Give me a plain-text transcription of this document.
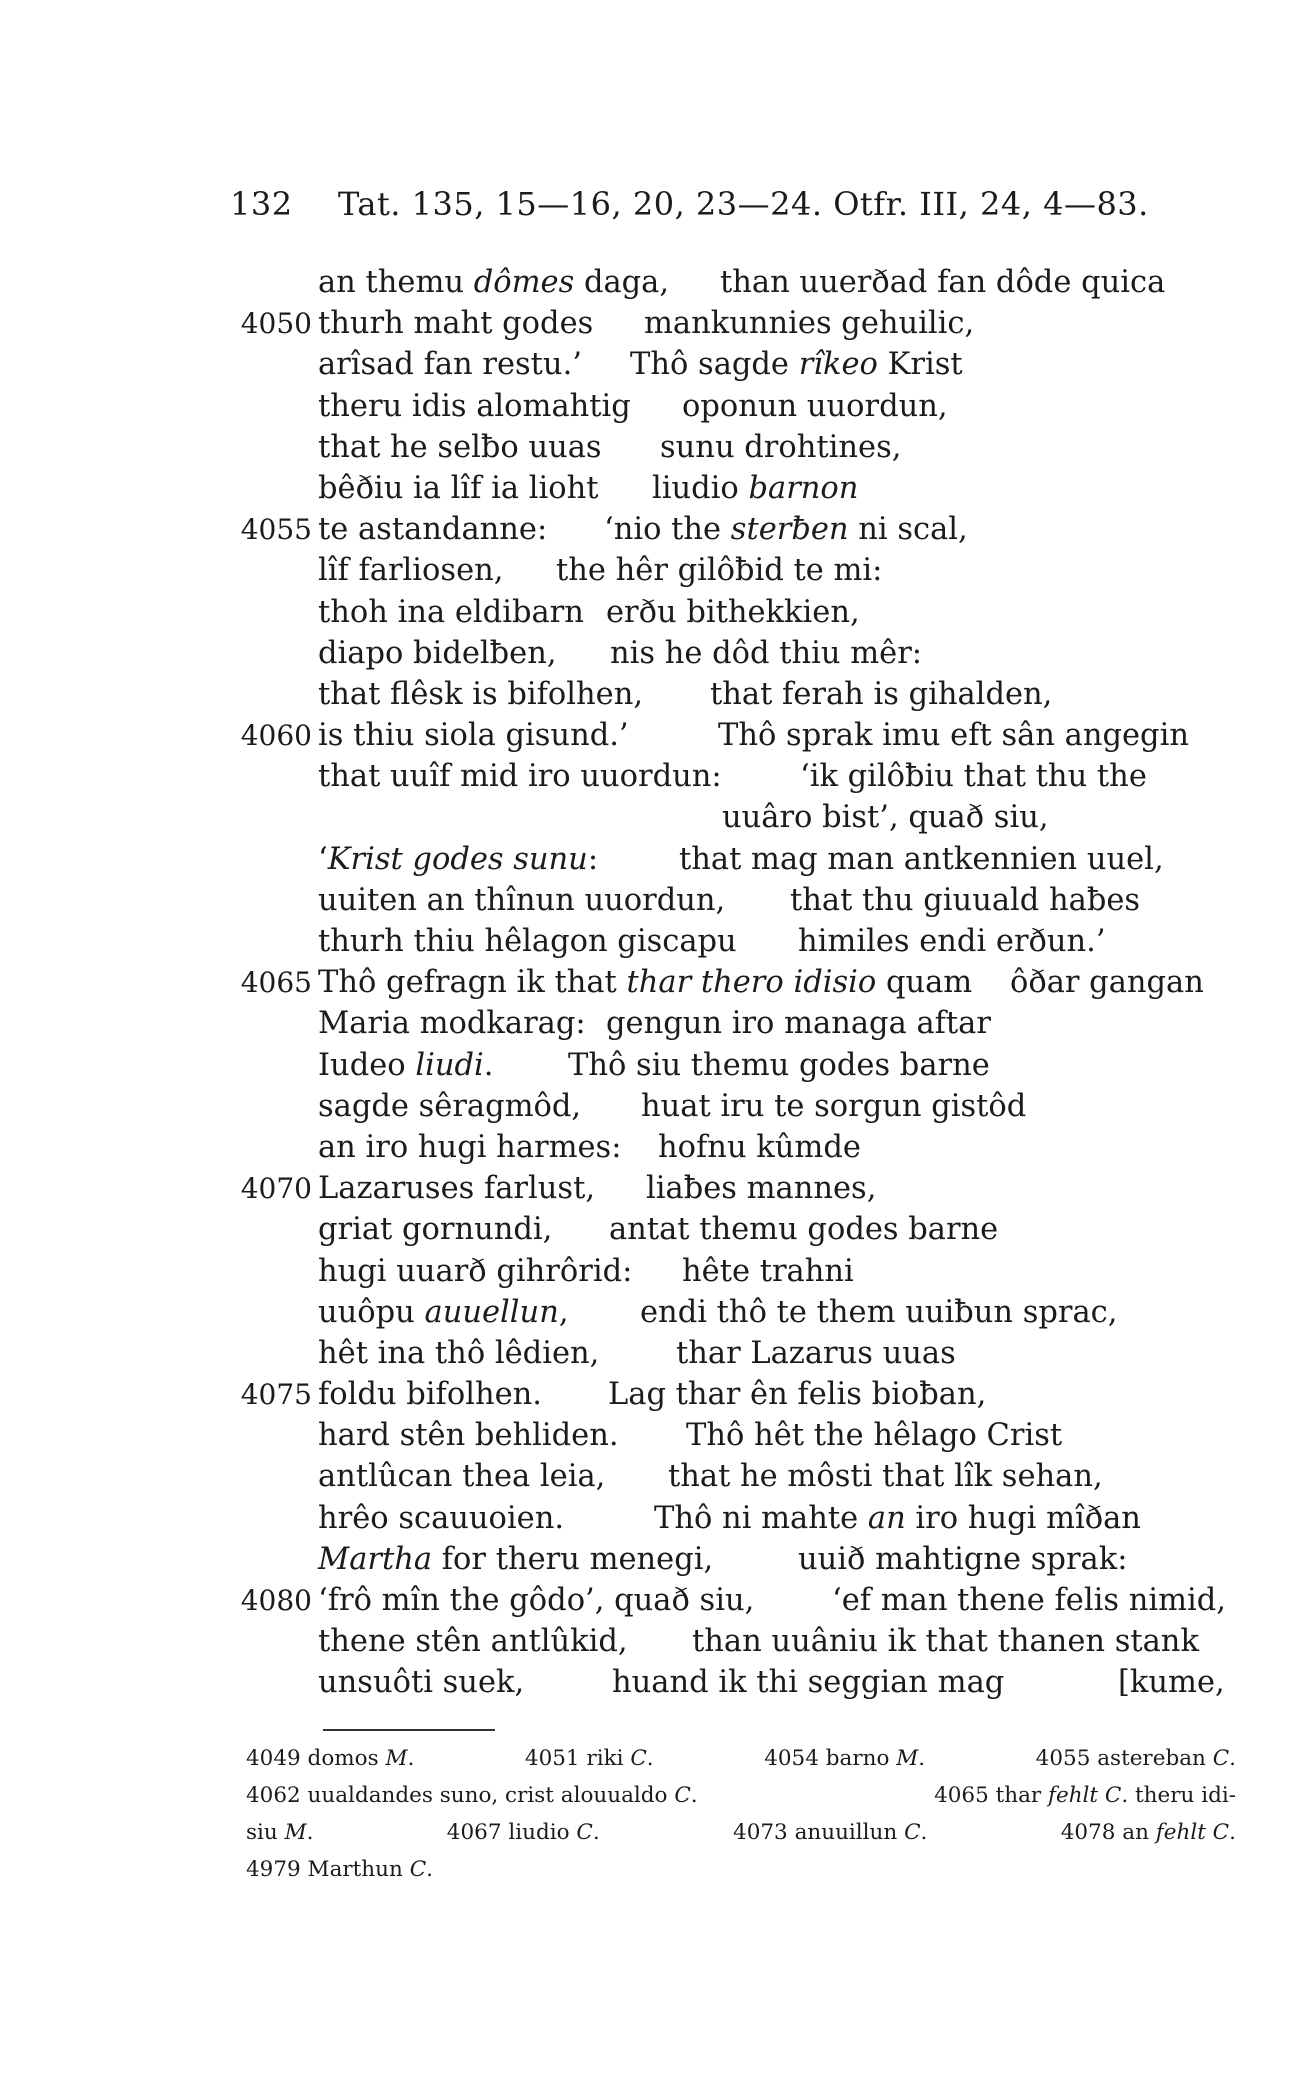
132 Tat. 135, 15—16, 20, 23—24. Otfr. III, 24, 4—83.
an themu dômes daga, than uuerðad fan dôde quica
4050 thurh maht godes mankunnies gehuilic,
arîsad fan restu.’ Thô sagde rîkeo Krist
theru idis alomahtig oponun uuordun,
that he selƀo uuas sunu drohtines,
bêðiu ia lîf ia lioht liudio barnon
4055 te astandanne: ‘nio the sterƀen ni scal,
lîf farliosen, the hêr gilôƀid te mi:
thoh ina eldibarn erðu bithekkien,
diapo bidelƀen, nis he dôd thiu mêr:
that flêsk is bifolhen, that ferah is gihalden,
4060 is thiu siola gisund.’	Thô sprak imu eft sân angegin
that uuîf mid iro uuordun:	‘ik gilôƀiu that thu the
uuâro bist’, quað siu,
‘Krist godes sunu:	that mag man antkennien uuel,
uuiten an thînun uuordun, that thu giuuald haƀes
thurh thiu hêlagon giscapu himiles endi erðun.’
4065 Thô gefragn ik that thar thero idisio quam ôðar gangan
Maria modkarag: gengun iro managa aftar
Iudeo liudi. Thô siu themu godes barne
sagde sêragmôd, huat iru te sorgun gistôd
an iro hugi harmes: hofnu kûmde
4070 Lazaruses farlust, liaƀes mannes,
griat gornundi, antat themu godes barne
hugi uuarð gihrôrid: hête trahni
uuôpu auuellun, endi thô te them uuiƀun sprac,
hêt ina thô lêdien,	thar Lazarus uuas
4075 foldu bifolhen. Lag thar ên felis bioƀan,
hard stên behliden. Thô hêt the hêlago Crist
antlûcan thea leia, that he môsti that lîk sehan,
hrêo scauuoien.	Thô ni mahte an iro hugi mîðan
Martha for theru menegi,	uuið mahtigne sprak:
4080 ‘frô mîn the gôdo’, quað siu,	‘ef man thene felis nimid,
thene stên antlûkid, than uuâniu ik that thanen stank
unsuôti suek,	huand ik thi seggian mag	[kume,
4049 domos M.	4051 riki C.	4054 barno M.	4055 astereban C.
4062 uualdandes suno, crist alouualdo C.	4065 thar fehlt C. theru idi-
siu M.	4067 liudio C.	4073 anuuillun C.	4078 an fehlt C.
4979 Marthun C.
